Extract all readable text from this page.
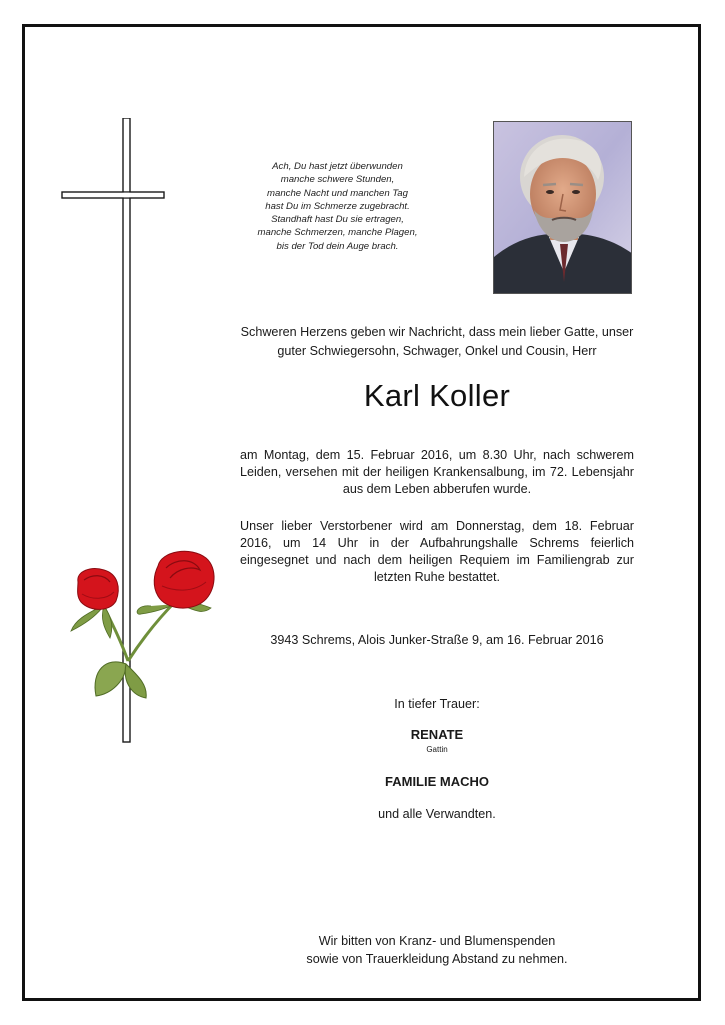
Ach, Du hast jetzt überwunden
manche schwere Stunden,
manche Nacht und manchen Tag
hast Du im Schmerze zugebracht.
Standhaft hast Du sie ertragen,
manche Schmerzen, manche Plagen,
bis der Tod dein Auge brach.
Schweren Herzens geben wir Nachricht, dass mein lieber Gatte, unser
guter Schwiegersohn, Schwager, Onkel und Cousin, Herr
Karl Koller
am Montag, dem 15. Februar 2016, um 8.30 Uhr, nach schwerem Leiden, versehen mit der heiligen Krankensalbung, im 72. Lebensjahr aus dem Leben abberufen wurde.
Unser lieber Verstorbener wird am Donnerstag, dem 18. Februar 2016, um 14 Uhr in der Aufbahrungshalle Schrems feierlich eingesegnet und nach dem heiligen Requiem im Familiengrab zur letzten Ruhe bestattet.
3943 Schrems, Alois Junker-Straße 9, am 16. Februar 2016
In tiefer Trauer:
RENATE
Gattin
FAMILIE MACHO
und alle Verwandten.
Wir bitten von Kranz- und Blumenspenden
sowie von Trauerkleidung Abstand zu nehmen.
